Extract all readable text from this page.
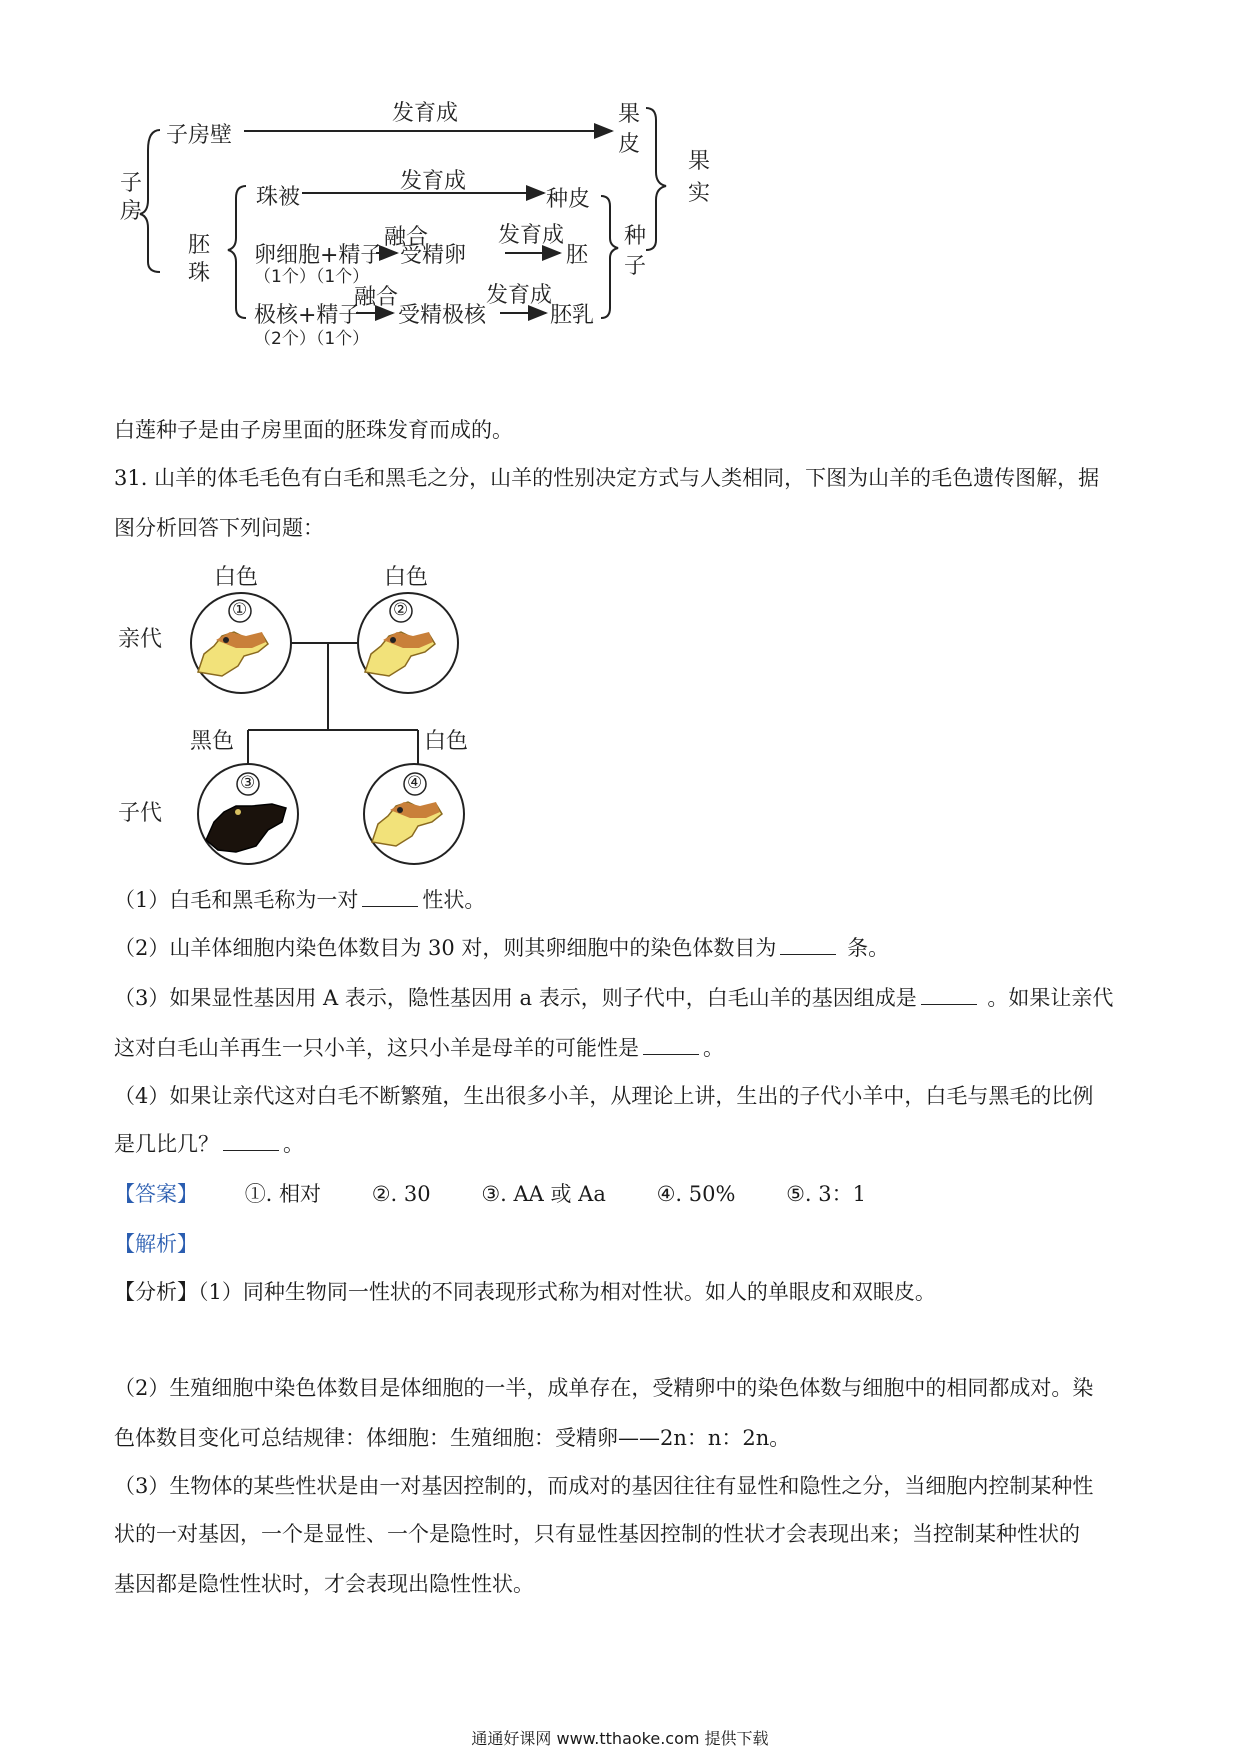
子
房
子房壁
发育成	果
皮
果
实
胚
珠
珠被
发育成
种皮
卵细胞+精子
（1个）（1个）
融合
受精卵
发育成
胚
极核+精子
（2个）（1个）
融合
受精极核
发育成
胚乳
种
子
白莲种子是由子房里面的胚珠发育而成的。
31. 山羊的体毛毛色有白毛和黑毛之分，山羊的性别决定方式与人类相同，下图为山羊的毛色遗传图解，据
图分析回答下列问题：
白色	白色
亲代
黑色	白色
子代
①	②
③	④
（1）白毛和黑毛称为一对	性状。
（2）山羊体细胞内染色体数目为 30 对，则其卵细胞中的染色体数目为	条。
（3）如果显性基因用 A 表示，隐性基因用 a 表示，则子代中，白毛山羊的基因组成是	。如果让亲代
这对白毛山羊再生一只小羊，这只小羊是母羊的可能性是	。
（4）如果让亲代这对白毛不断繁殖，生出很多小羊，从理论上讲，生出的子代小羊中，白毛与黑毛的比例
是几比几？	。
【答案】 ①. 相对 ②. 30 ③. AA 或 Aa ④. 50% ⑤. 3：1
【解析】
【分析】（1）同种生物同一性状的不同表现形式称为相对性状。如人的单眼皮和双眼皮。
（2）生殖细胞中染色体数目是体细胞的一半，成单存在，受精卵中的染色体数与细胞中的相同都成对。染
色体数目变化可总结规律：体细胞：生殖细胞：受精卵——2n：n：2n。
（3）生物体的某些性状是由一对基因控制的，而成对的基因往往有显性和隐性之分，当细胞内控制某种性
状的一对基因，一个是显性、一个是隐性时，只有显性基因控制的性状才会表现出来；当控制某种性状的
基因都是隐性性状时，才会表现出隐性性状。
通通好课网 www.tthaoke.com 提供下载
